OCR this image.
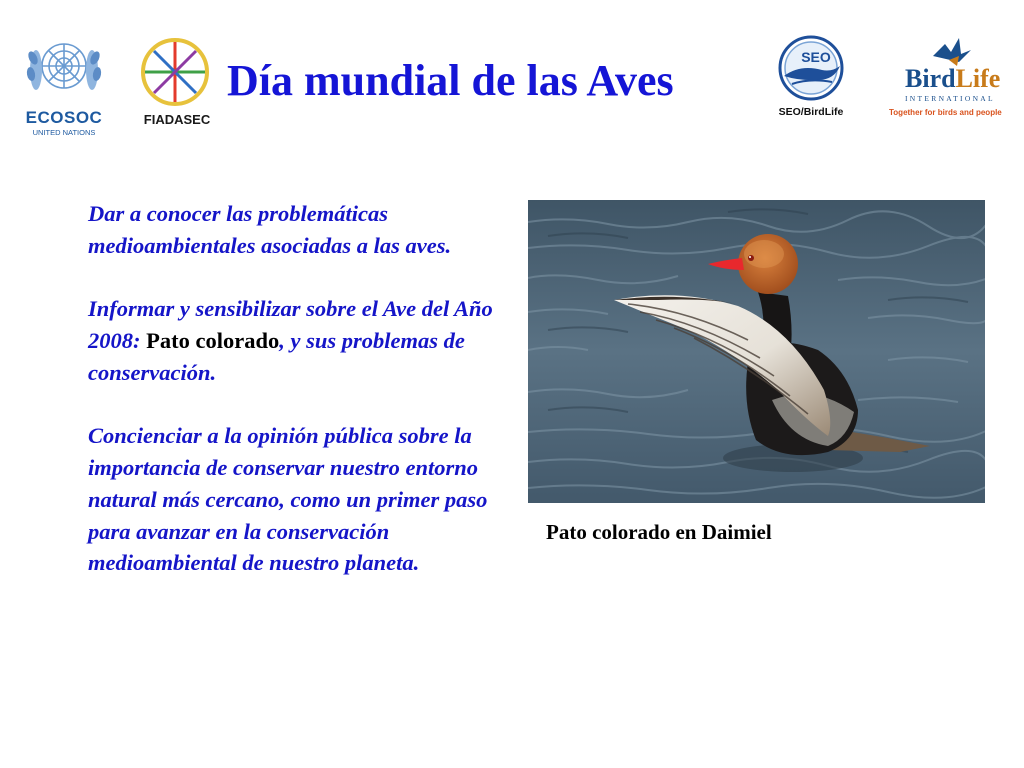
ECOSOC
UNITED NATIONS
FIADASEC
Día mundial de las Aves	SEO
SEO/BirdLife
BirdLife
INTERNATIONAL
Together for birds and people

Dar a conocer las problemáticas medioambientales asociadas a las aves.

Informar y sensibilizar sobre el Ave del Año 2008: Pato colorado, y sus problemas de conservación.

Concienciar a la opinión pública sobre la importancia de conservar nuestro entorno natural más cercano, como un primer paso para avanzar en la conservación medioambiental de nuestro planeta.

Pato colorado en Daimiel
